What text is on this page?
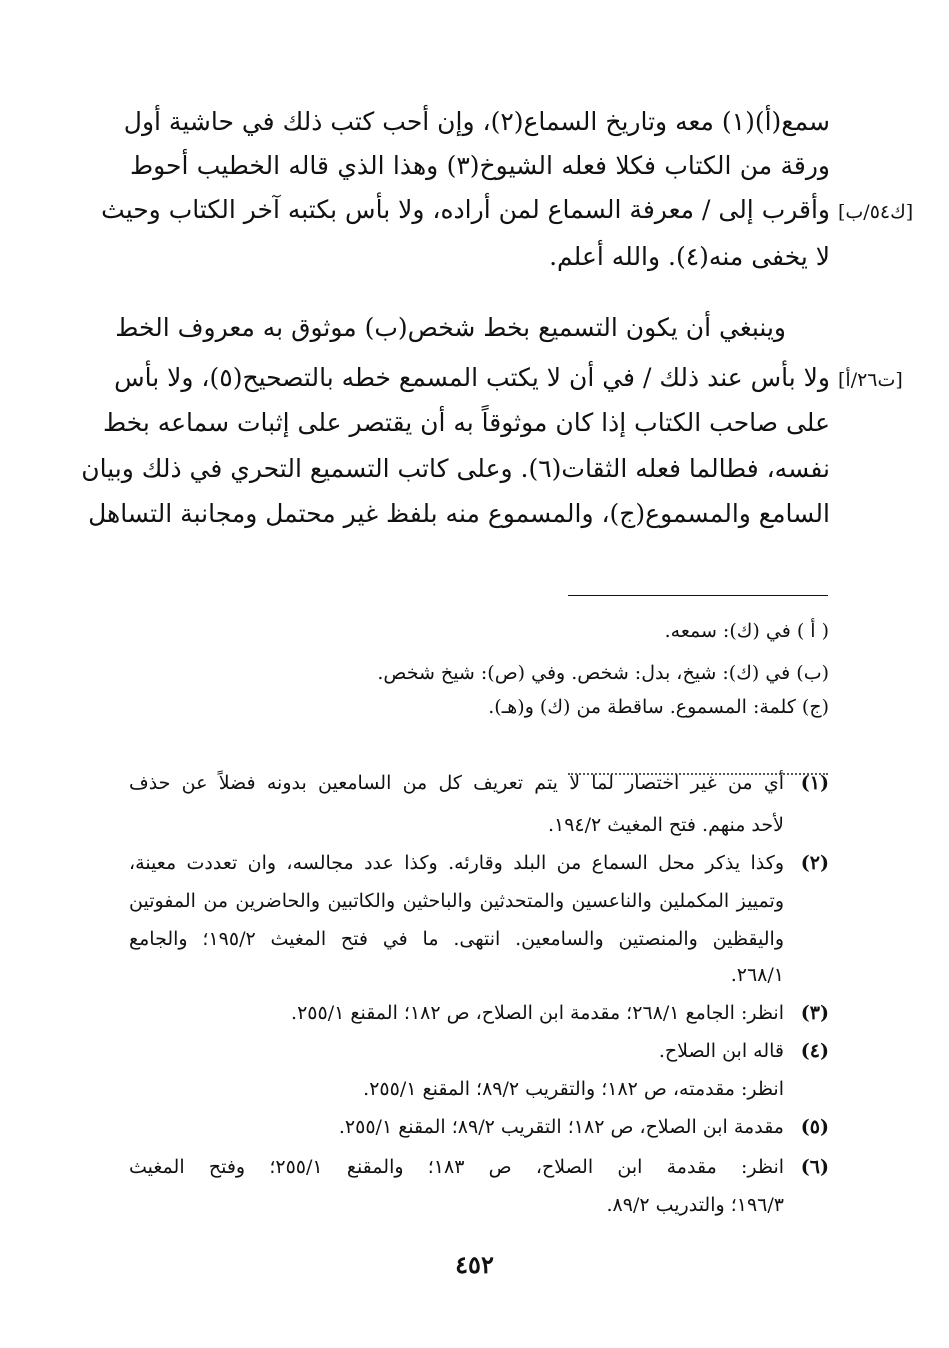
سمع(أ)(١) معه وتاريخ السماع(٢)، وإن أحب كتب ذلك في حاشية أول
ورقة من الكتاب فكلا فعله الشيوخ(٣) وهذا الذي قاله الخطيب أحوط
وأقرب إلى / معرفة السماع لمن أراده، ولا بأس بكتبه آخر الكتاب وحيث
لا يخفى منه(٤). والله أعلم.
وينبغي أن يكون التسميع بخط شخص(ب) موثوق به معروف الخط
ولا بأس عند ذلك / في أن لا يكتب المسمع خطه بالتصحيح(٥)، ولا بأس
على صاحب الكتاب إذا كان موثوقاً به أن يقتصر على إثبات سماعه بخط
نفسه، فطالما فعله الثقات(٦). وعلى كاتب التسميع التحري في ذلك وبيان
السامع والمسموع(ج)، والمسموع منه بلفظ غير محتمل ومجانبة التساهل
[ك٥٤/ب]
[ت٢٦/أ]
( أ ) في (ك): سمعه.
(ب) في (ك): شيخ، بدل: شخص. وفي (ص): شيخ شخص.
(ج) كلمة: المسموع. ساقطة من (ك) و(هـ).
(١)
أي من غير اختصار لما لا يتم تعريف كل من السامعين بدونه فضلاً عن حذف
لأحد منهم. فتح المغيث ١٩٤/٢.
(٢)
وكذا يذكر محل السماع من البلد وقارئه. وكذا عدد مجالسه، وان تعددت معينة،
وتمييز المكملين والناعسين والمتحدثين والباحثين والكاتبين والحاضرين من المفوتين
واليقظين والمنصتين والسامعين. انتهى. ما في فتح المغيث ١٩٥/٢؛ والجامع
٢٦٨/١.
(٣)
انظر: الجامع ٢٦٨/١؛ مقدمة ابن الصلاح، ص ١٨٢؛ المقنع ٢٥٥/١.
(٤)
قاله ابن الصلاح.
انظر: مقدمته، ص ١٨٢؛ والتقريب ٨٩/٢؛ المقنع ٢٥٥/١.
(٥)
مقدمة ابن الصلاح، ص ١٨٢؛ التقريب ٨٩/٢؛ المقنع ٢٥٥/١.
(٦)
انظر: مقدمة ابن الصلاح، ص ١٨٣؛ والمقنع ٢٥٥/١؛ وفتح المغيث
١٩٦/٣؛ والتدريب ٨٩/٢.
٤٥٢
